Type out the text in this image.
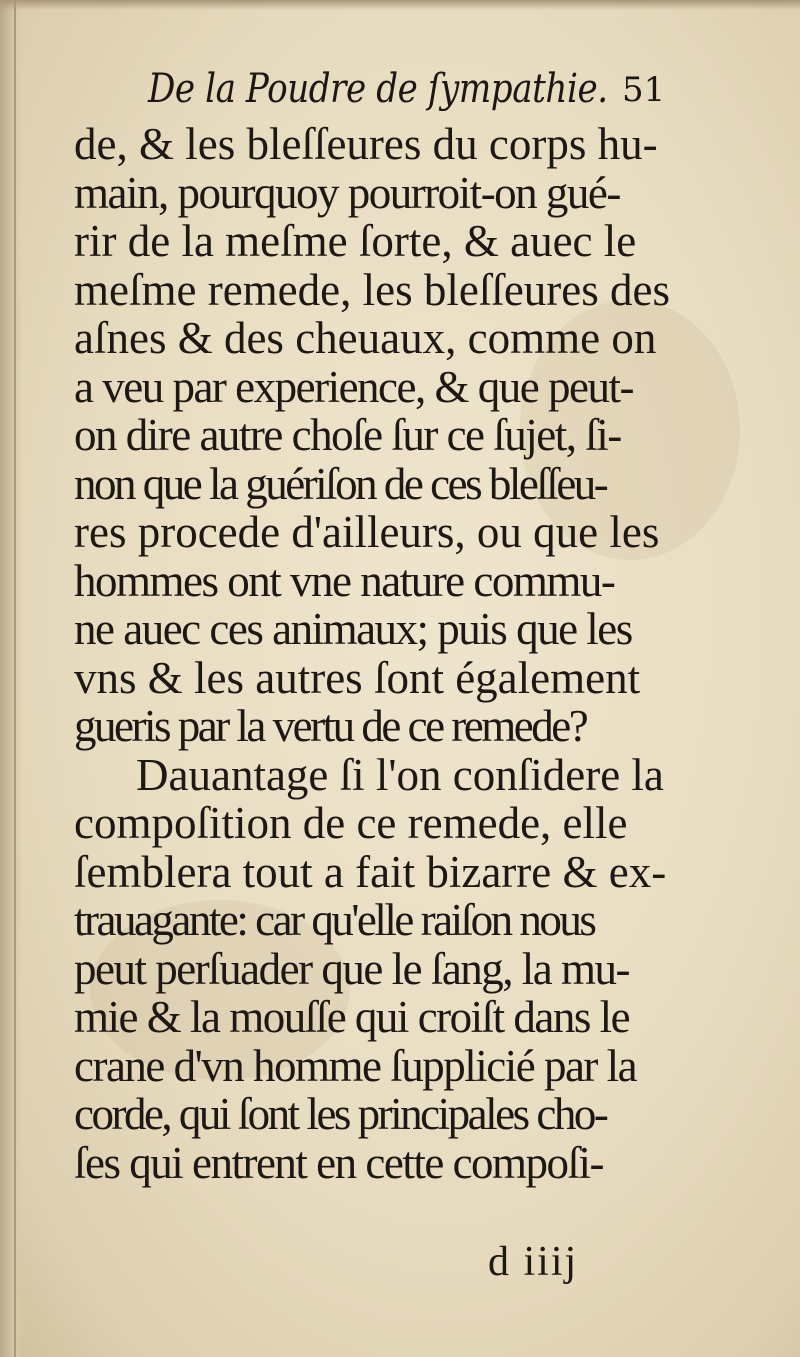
De la Poudre de ſympathie. 51
de, & les bleſſeures du corps hu-
main, pourquoy pourroit-on gué-
rir de la meſme ſorte, & auec le
meſme remede, les bleſſeures des
aſnes & des cheuaux, comme on
a veu par experience, & que peut-
on dire autre choſe ſur ce ſujet, ſi-
non que la guériſon de ces bleſſeu-
res procede d'ailleurs, ou que les
hommes ont vne nature commu-
ne auec ces animaux; puis que les
vns & les autres ſont également
gueris par la vertu de ce remede?
Dauantage ſi l'on conſidere la
compoſition de ce remede, elle
ſemblera tout a fait bizarre & ex-
trauagante: car qu'elle raiſon nous
peut perſuader que le ſang, la mu-
mie & la mouſſe qui croiſt dans le
crane d'vn homme ſupplicié par la
corde, qui ſont les principales cho-
ſes qui entrent en cette compoſi-
d iiij
